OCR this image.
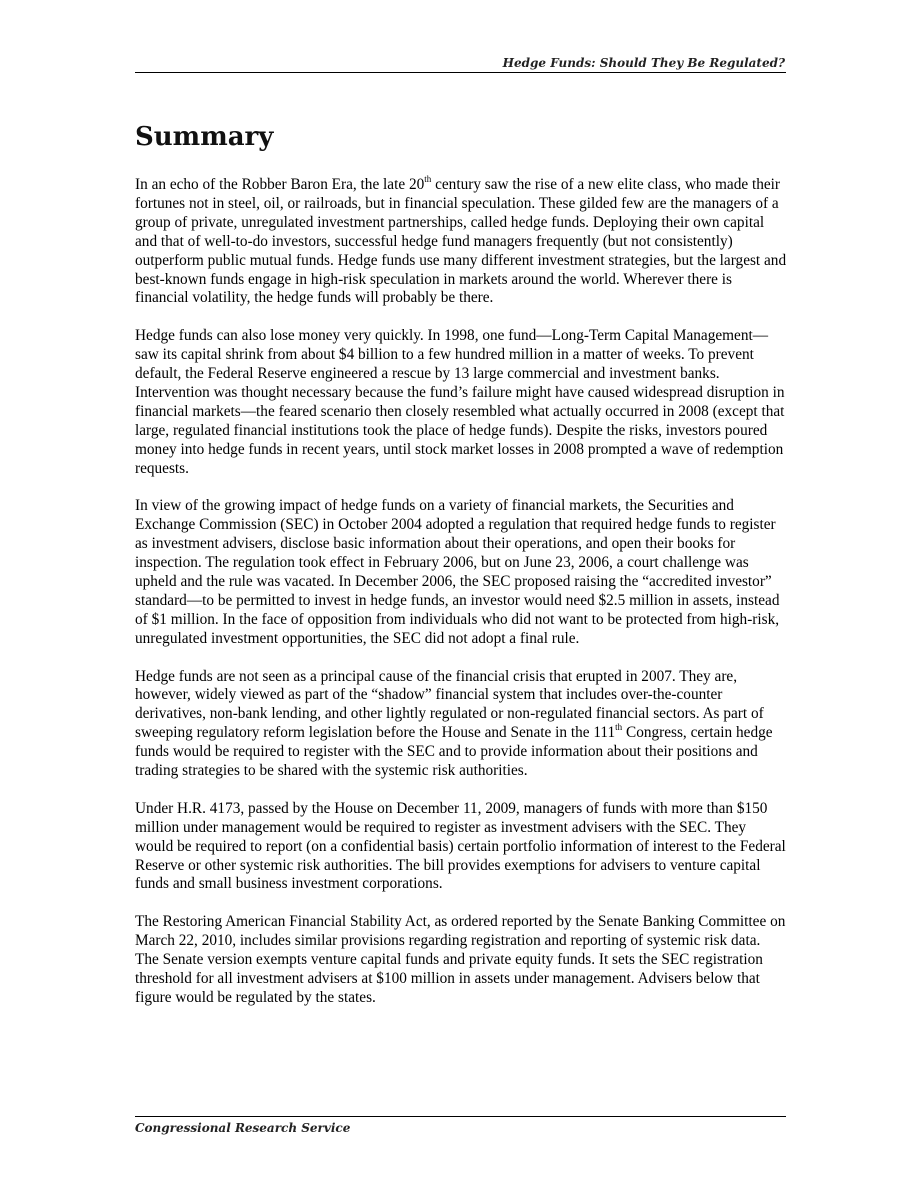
Hedge Funds: Should They Be Regulated?
Summary

In an echo of the Robber Baron Era, the late 20th century saw the rise of a new elite class, who made their fortunes not in steel, oil, or railroads, but in financial speculation. These gilded few are the managers of a group of private, unregulated investment partnerships, called hedge funds. Deploying their own capital and that of well-to-do investors, successful hedge fund managers frequently (but not consistently) outperform public mutual funds. Hedge funds use many different investment strategies, but the largest and best-known funds engage in high-risk speculation in markets around the world. Wherever there is financial volatility, the hedge funds will probably be there.

Hedge funds can also lose money very quickly. In 1998, one fund—Long-Term Capital Management—saw its capital shrink from about $4 billion to a few hundred million in a matter of weeks. To prevent default, the Federal Reserve engineered a rescue by 13 large commercial and investment banks. Intervention was thought necessary because the fund’s failure might have caused widespread disruption in financial markets—the feared scenario then closely resembled what actually occurred in 2008 (except that large, regulated financial institutions took the place of hedge funds). Despite the risks, investors poured money into hedge funds in recent years, until stock market losses in 2008 prompted a wave of redemption requests.

In view of the growing impact of hedge funds on a variety of financial markets, the Securities and Exchange Commission (SEC) in October 2004 adopted a regulation that required hedge funds to register as investment advisers, disclose basic information about their operations, and open their books for inspection. The regulation took effect in February 2006, but on June 23, 2006, a court challenge was upheld and the rule was vacated. In December 2006, the SEC proposed raising the “accredited investor” standard—to be permitted to invest in hedge funds, an investor would need $2.5 million in assets, instead of $1 million. In the face of opposition from individuals who did not want to be protected from high-risk, unregulated investment opportunities, the SEC did not adopt a final rule.

Hedge funds are not seen as a principal cause of the financial crisis that erupted in 2007. They are, however, widely viewed as part of the “shadow” financial system that includes over-the-counter derivatives, non-bank lending, and other lightly regulated or non-regulated financial sectors. As part of sweeping regulatory reform legislation before the House and Senate in the 111th Congress, certain hedge funds would be required to register with the SEC and to provide information about their positions and trading strategies to be shared with the systemic risk authorities.

Under H.R. 4173, passed by the House on December 11, 2009, managers of funds with more than $150 million under management would be required to register as investment advisers with the SEC. They would be required to report (on a confidential basis) certain portfolio information of interest to the Federal Reserve or other systemic risk authorities. The bill provides exemptions for advisers to venture capital funds and small business investment corporations.

The Restoring American Financial Stability Act, as ordered reported by the Senate Banking Committee on March 22, 2010, includes similar provisions regarding registration and reporting of systemic risk data. The Senate version exempts venture capital funds and private equity funds. It sets the SEC registration threshold for all investment advisers at $100 million in assets under management. Advisers below that figure would be regulated by the states.

Congressional Research Service
